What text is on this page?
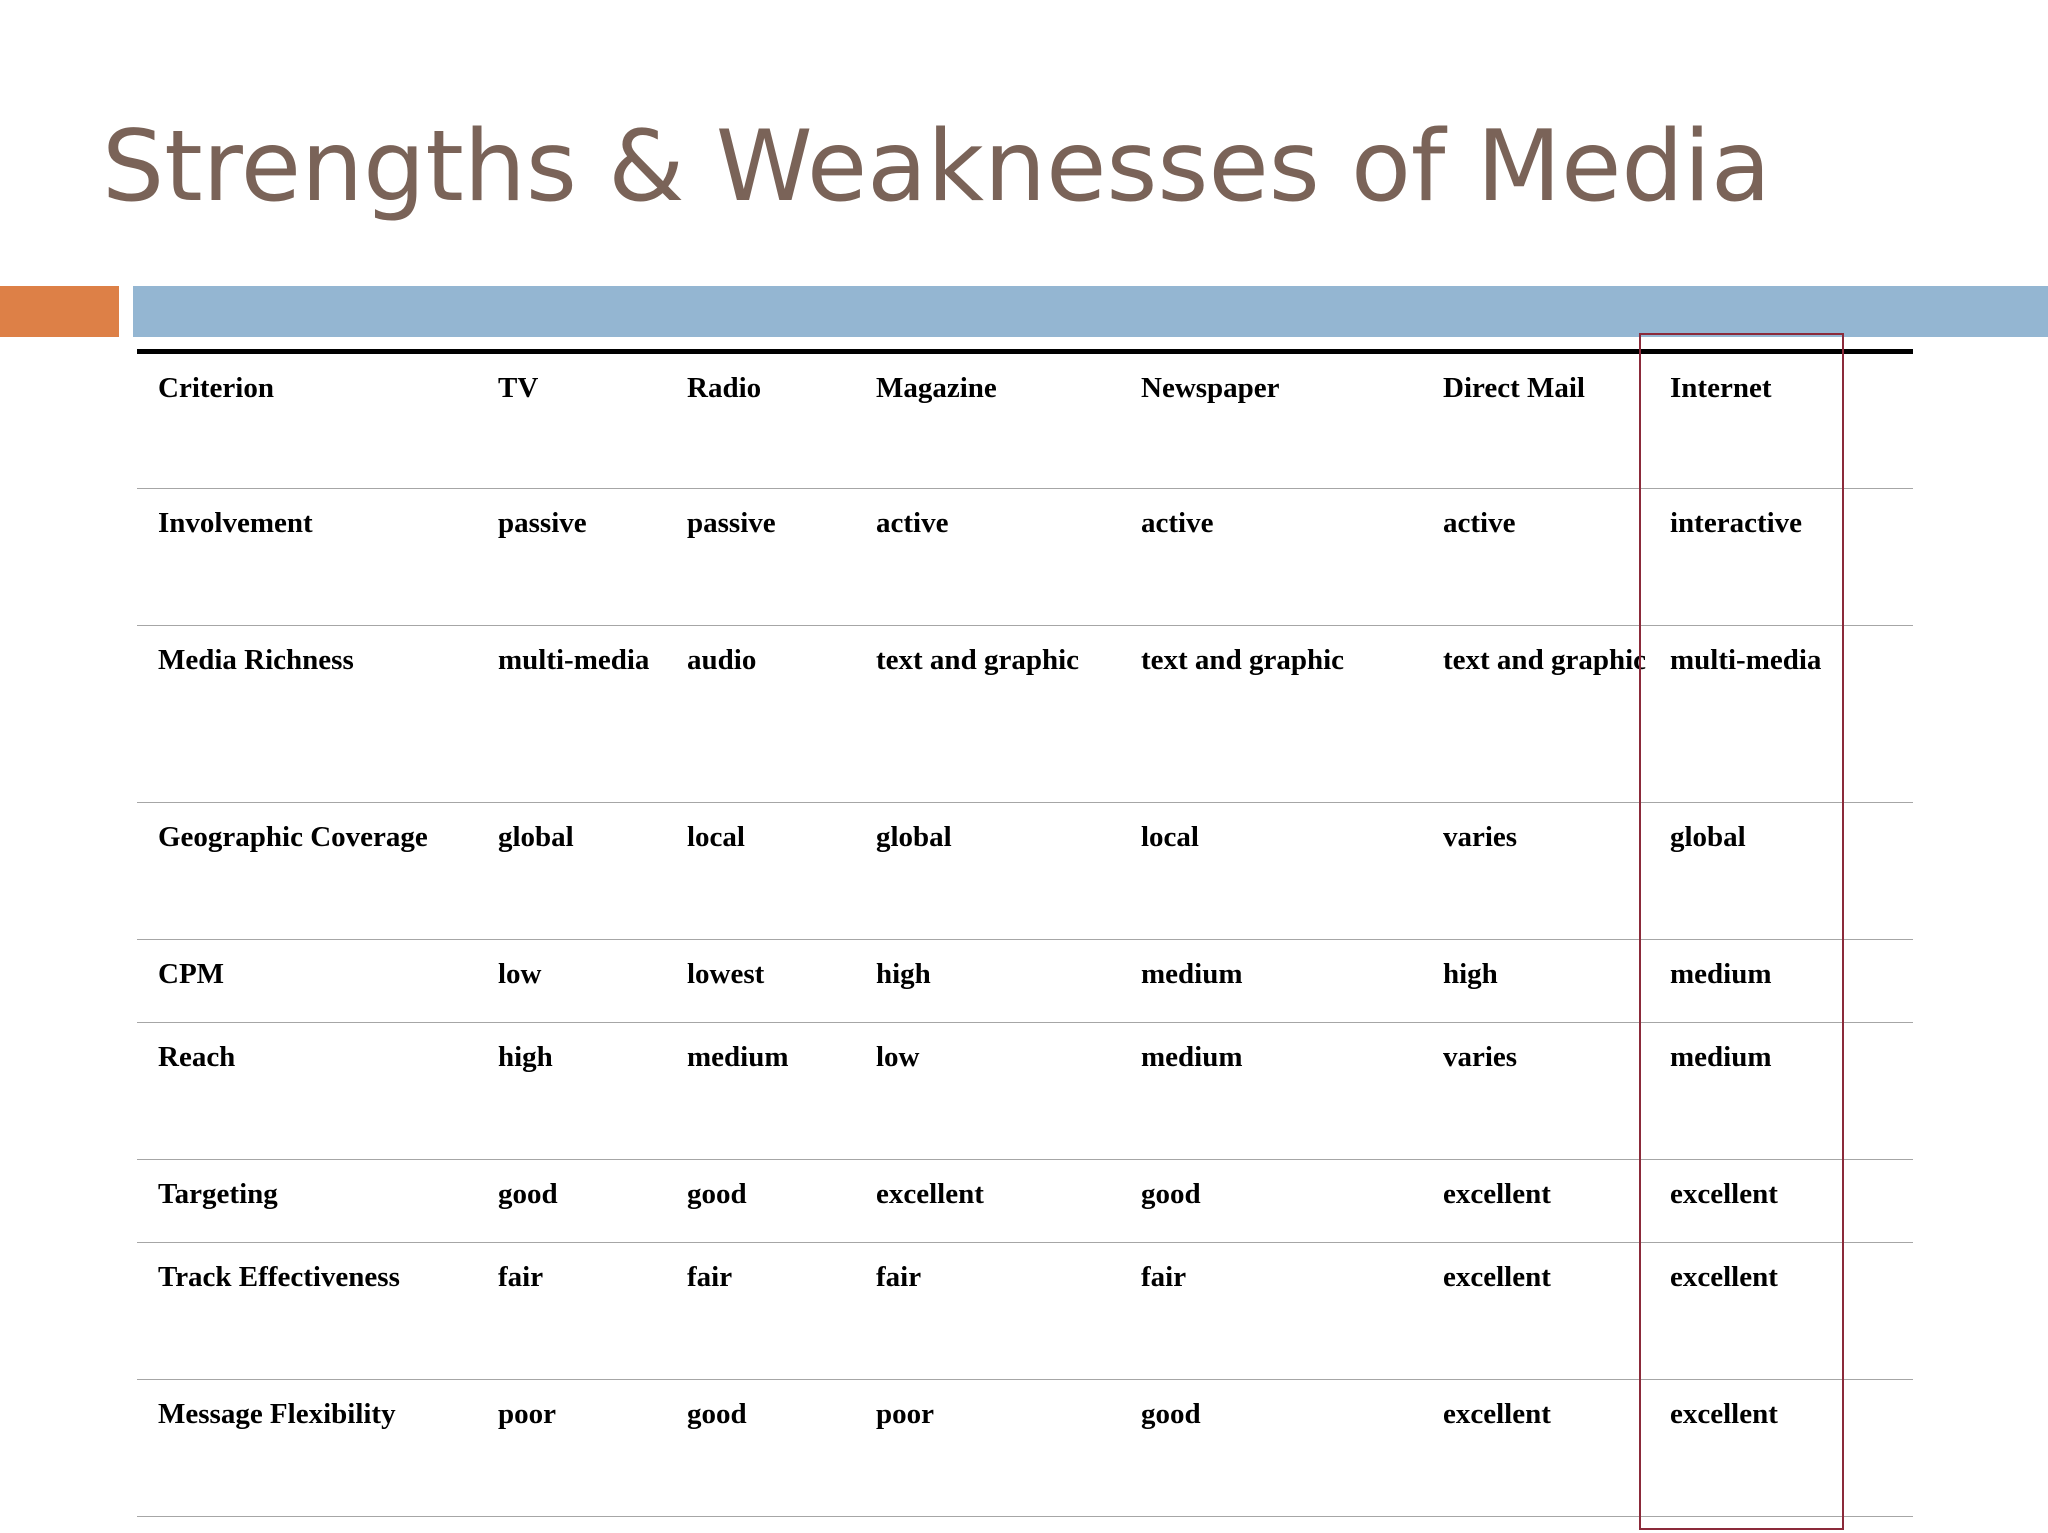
Strengths & Weaknesses of Media
Criterion	TV	Radio	Magazine	Newspaper	Direct Mail	Internet
Involvement	passive	passive	active	active	active	interactive
Media Richness	multi-media	audio	text and graphic	text and graphic	text and graphic	multi-media
Geographic Coverage	global	local	global	local	varies	global
CPM	low	lowest	high	medium	high	medium
Reach	high	medium	low	medium	varies	medium
Targeting	good	good	excellent	good	excellent	excellent
Track Effectiveness	fair	fair	fair	fair	excellent	excellent
Message Flexibility	poor	good	poor	good	excellent	excellent
